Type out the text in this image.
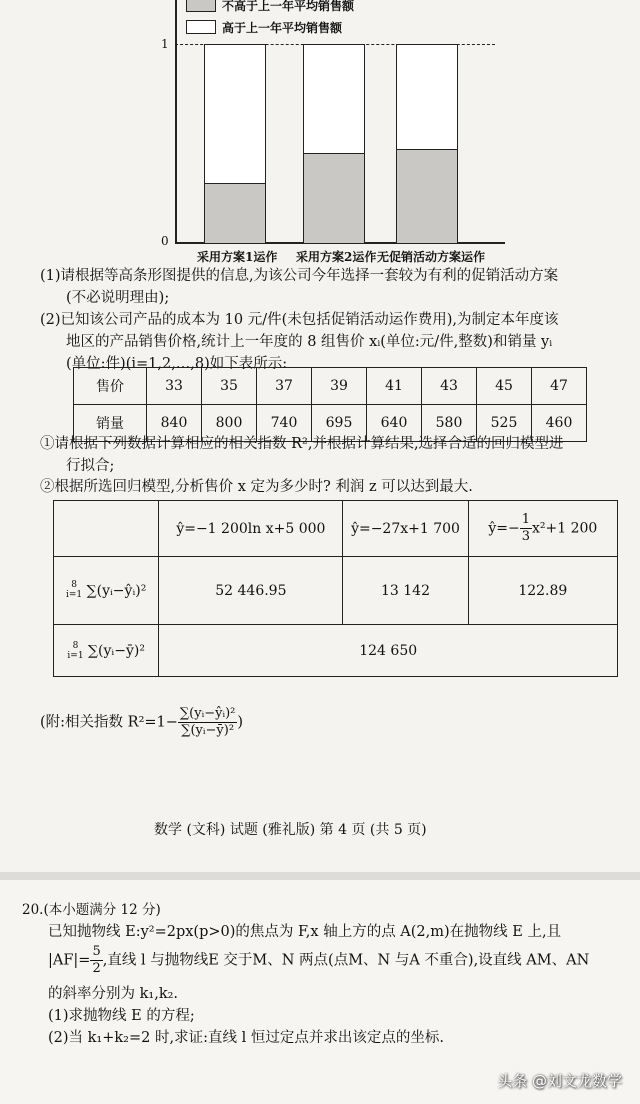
不高于上一年平均销售额
高于上一年平均销售额
1
0
采用方案1运作 采用方案2运作 无促销活动方案运作
(1)请根据等高条形图提供的信息,为该公司今年选择一套较为有利的促销活动方案
(不必说明理由);
(2)已知该公司产品的成本为 10 元/件(未包括促销活动运作费用),为制定本年度该
地区的产品销售价格,统计上一年度的 8 组售价 xᵢ(单位:元/件,整数)和销量 yᵢ
(单位:件)(i=1,2,…,8)如下表所示:
售价	33	35	37	39	41	43	45	47
销量	840	800	740	695	640	580	525	460
①请根据下列数据计算相应的相关指数 R²,并根据计算结果,选择合适的回归模型进
行拟合;
②根据所选回归模型,分析售价 x 定为多少时? 利润 z 可以达到最大.
	ŷ=−1 200ln x+5 000	ŷ=−27x+1 700	ŷ=− $\frac{1}{3} x^2+1$ 200
8
i=1 ∑(yᵢ−ŷᵢ)²	52 446.95	13 142	122.89
8
i=1 ∑(yᵢ−ȳ)²	124 650		
(附:相关指数 $R^2=1- \frac{\text{∑(yᵢ−ŷᵢ)²}}{\text{∑(yᵢ−ȳ)²}}$ )
数学 (文科) 试题 (雅礼版) 第 4 页 (共 5 页)
20.(本小题满分 12 分)
已知抛物线 E:y²=2px(p>0)的焦点为 F,x 轴上方的点 A(2,m)在抛物线 E 上,且
$|AF|= \frac{5}{2}$ ,直线 l 与抛物线E 交于M、N 两点(点M、N 与A 不重合),设直线 AM、AN
的斜率分别为 k₁,k₂.
(1)求抛物线 E 的方程;
(2)当 k₁+k₂=2 时,求证:直线 l 恒过定点并求出该定点的坐标.
头条 @刘文龙数学
